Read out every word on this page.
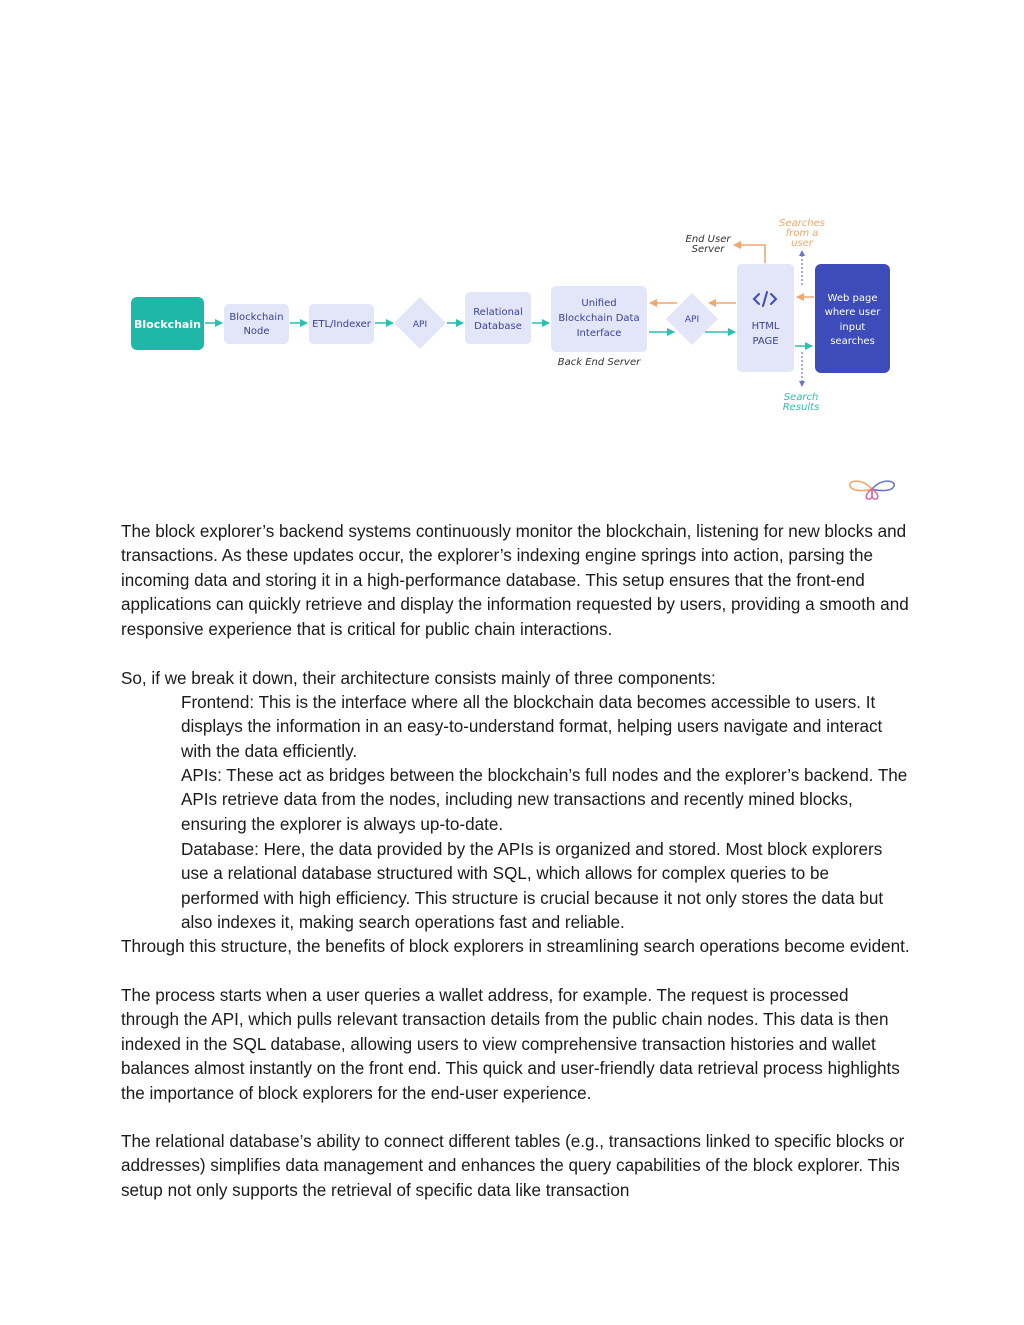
Blockchain
Blockchain
Node
ETL/Indexer	API
Relational
Database
Unified
Blockchain Data
Interface
Back End Server
API
HTML
PAGE
End User
Server
Searches
from a
user
Search
Results
Web page
where user
input
searches

The block explorer’s backend systems continuously monitor the blockchain, listening for new blocks and transactions. As these updates occur, the explorer’s indexing engine springs into action, parsing the incoming data and storing it in a high-performance database. This setup ensures that the front-end applications can quickly retrieve and display the information requested by users, providing a smooth and responsive experience that is critical for public chain interactions.

So, if we break it down, their architecture consists mainly of three components:

Frontend: This is the interface where all the blockchain data becomes accessible to users. It displays the information in an easy-to-understand format, helping users navigate and interact with the data efficiently.

APIs: These act as bridges between the blockchain’s full nodes and the explorer’s backend. The APIs retrieve data from the nodes, including new transactions and recently mined blocks, ensuring the explorer is always up-to-date.

Database: Here, the data provided by the APIs is organized and stored. Most block explorers use a relational database structured with SQL, which allows for complex queries to be performed with high efficiency. This structure is crucial because it not only stores the data but also indexes it, making search operations fast and reliable.

Through this structure, the benefits of block explorers in streamlining search operations become evident.

The process starts when a user queries a wallet address, for example. The request is processed through the API, which pulls relevant transaction details from the public chain nodes. This data is then indexed in the SQL database, allowing users to view comprehensive transaction histories and wallet balances almost instantly on the front end. This quick and user-friendly data retrieval process highlights the importance of block explorers for the end-user experience.

The relational database’s ability to connect different tables (e.g., transactions linked to specific blocks or addresses) simplifies data management and enhances the query capabilities of the block explorer. This setup not only supports the retrieval of specific data like transaction
